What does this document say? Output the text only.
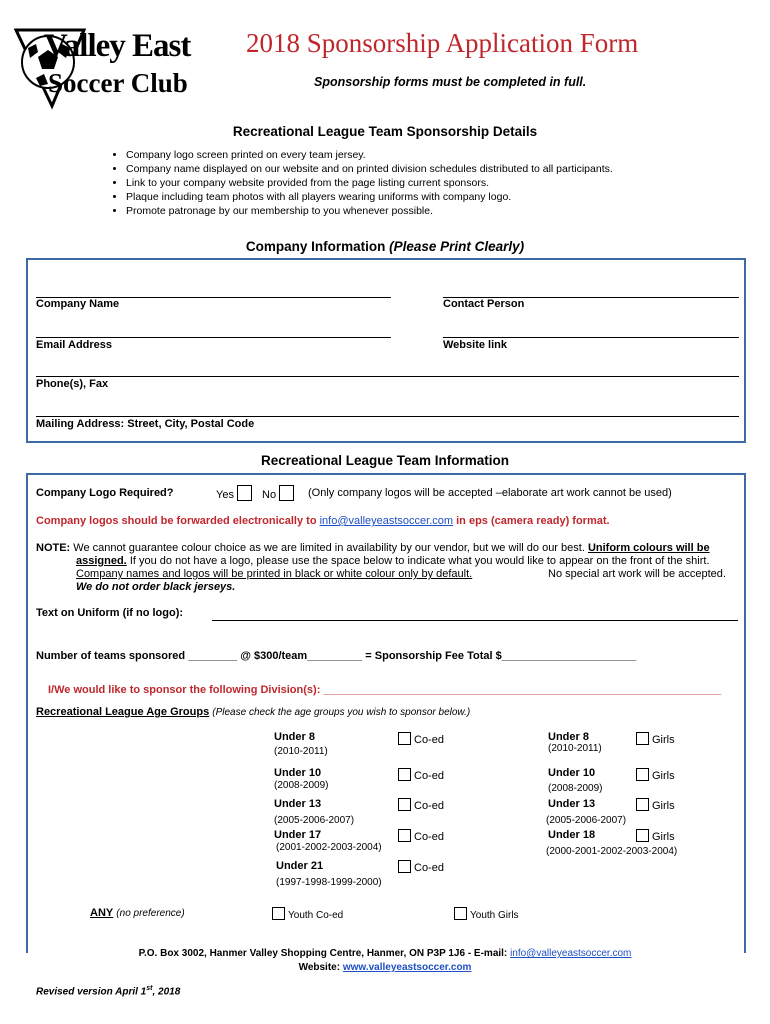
Valley East
Soccer Club
2018 Sponsorship Application Form
Sponsorship forms must be completed in full.
Recreational League Team Sponsorship Details
• Company logo screen printed on every team jersey.
• Company name displayed on our website and on printed division schedules distributed to all participants.
• Link to your company website provided from the page listing current sponsors.
• Plaque including team photos with all players wearing uniforms with company logo.
• Promote patronage by our membership to you whenever possible.
Company Information (Please Print Clearly)
Company Name	Contact Person
Email Address	Website link
Phone(s), Fax
Mailing Address: Street, City, Postal Code
Recreational League Team Information
Company Logo Required?	Yes	No	(Only company logos will be accepted –elaborate art work cannot be used)
Company logos should be forwarded electronically to info@valleyeastsoccer.com in eps (camera ready) format.
NOTE: We cannot guarantee colour choice as we are limited in availability by our vendor, but we will do our best. Uniform colours will be
assigned. If you do not have a logo, please use the space below to indicate what you would like to appear on the front of the shirt.
Company names and logos will be printed in black or white colour only by default.	No special art work will be accepted.
We do not order black jerseys.
Text on Uniform (if no logo):
Number of teams sponsored ________ @ $300/team_________ = Sponsorship Fee Total $______________________
I/We would like to sponsor the following Division(s): _________________________________________________________________
Recreational League Age Groups (Please check the age groups you wish to sponsor below.)
Under 8
(2010-2011)
Co-ed
Under 10
(2008-2009)
Co-ed
Under 13
(2005-2006-2007)
Co-ed
Under 17
(2001-2002-2003-2004)
Co-ed
Under 21
(1997-1998-1999-2000)
Co-ed
Under 8
(2010-2011)
Girls
Under 10
(2008-2009)
Girls
Under 13
(2005-2006-2007)
Girls
Under 18
(2000-2001-2002-2003-2004)
Girls
ANY (no preference)	Youth Co-ed	Youth Girls
P.O. Box 3002, Hanmer Valley Shopping Centre, Hanmer, ON P3P 1J6 - E-mail: info@valleyeastsoccer.com
Website: www.valleyeastsoccer.com
Revised version April 1st, 2018
